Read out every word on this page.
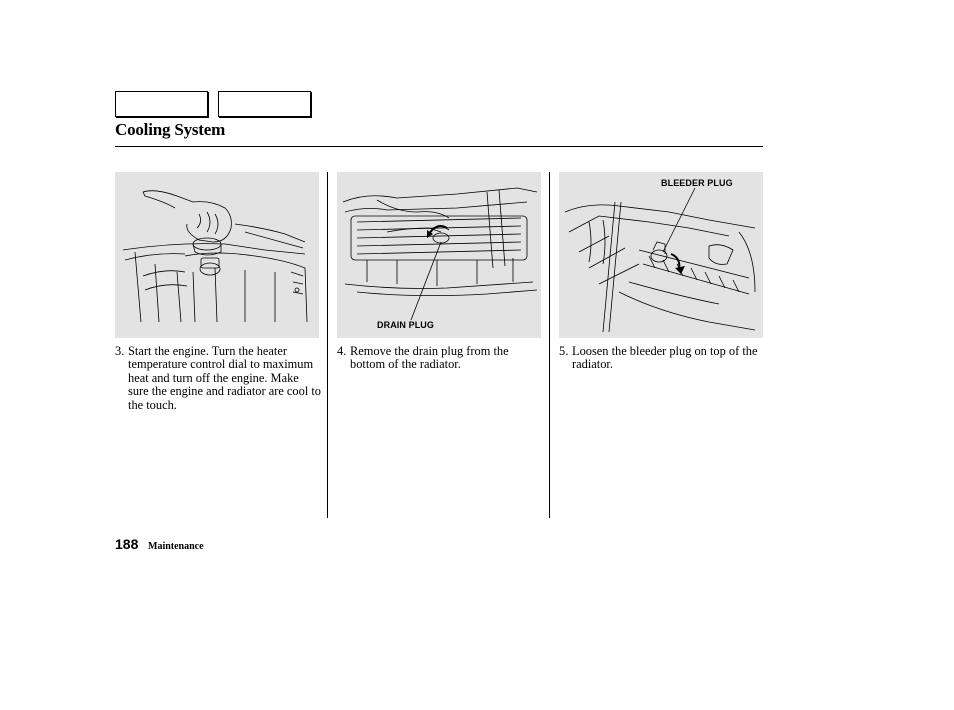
Cooling System
DRAIN PLUG
BLEEDER PLUG
3. Start the engine. Turn the heater temperature control dial to maximum heat and turn off the engine. Make sure the engine and radiator are cool to the touch.
4. Remove the drain plug from the bottom of the radiator.
5. Loosen the bleeder plug on top of the radiator.
188 Maintenance
